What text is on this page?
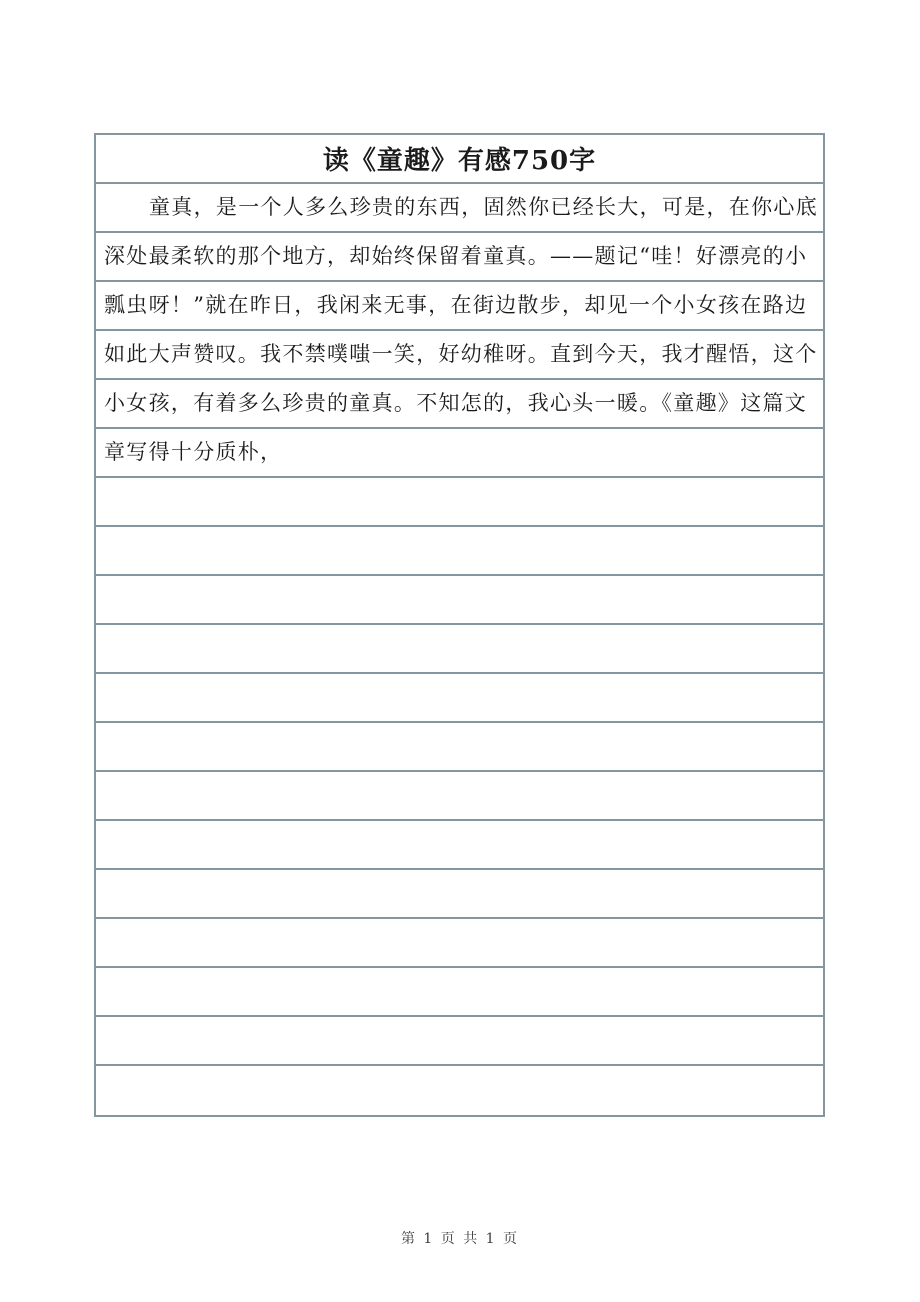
读《童趣》有感750字
童真，是一个人多么珍贵的东西，固然你已经长大，可是，在你心底
深处最柔软的那个地方，却始终保留着童真。——题记“哇！好漂亮的小
瓢虫呀！”就在昨日，我闲来无事，在街边散步，却见一个小女孩在路边
如此大声赞叹。我不禁噗嗤一笑，好幼稚呀。直到今天，我才醒悟，这个
小女孩，有着多么珍贵的童真。不知怎的，我心头一暖。《童趣》这篇文
章写得十分质朴，
第 1 页 共 1 页
